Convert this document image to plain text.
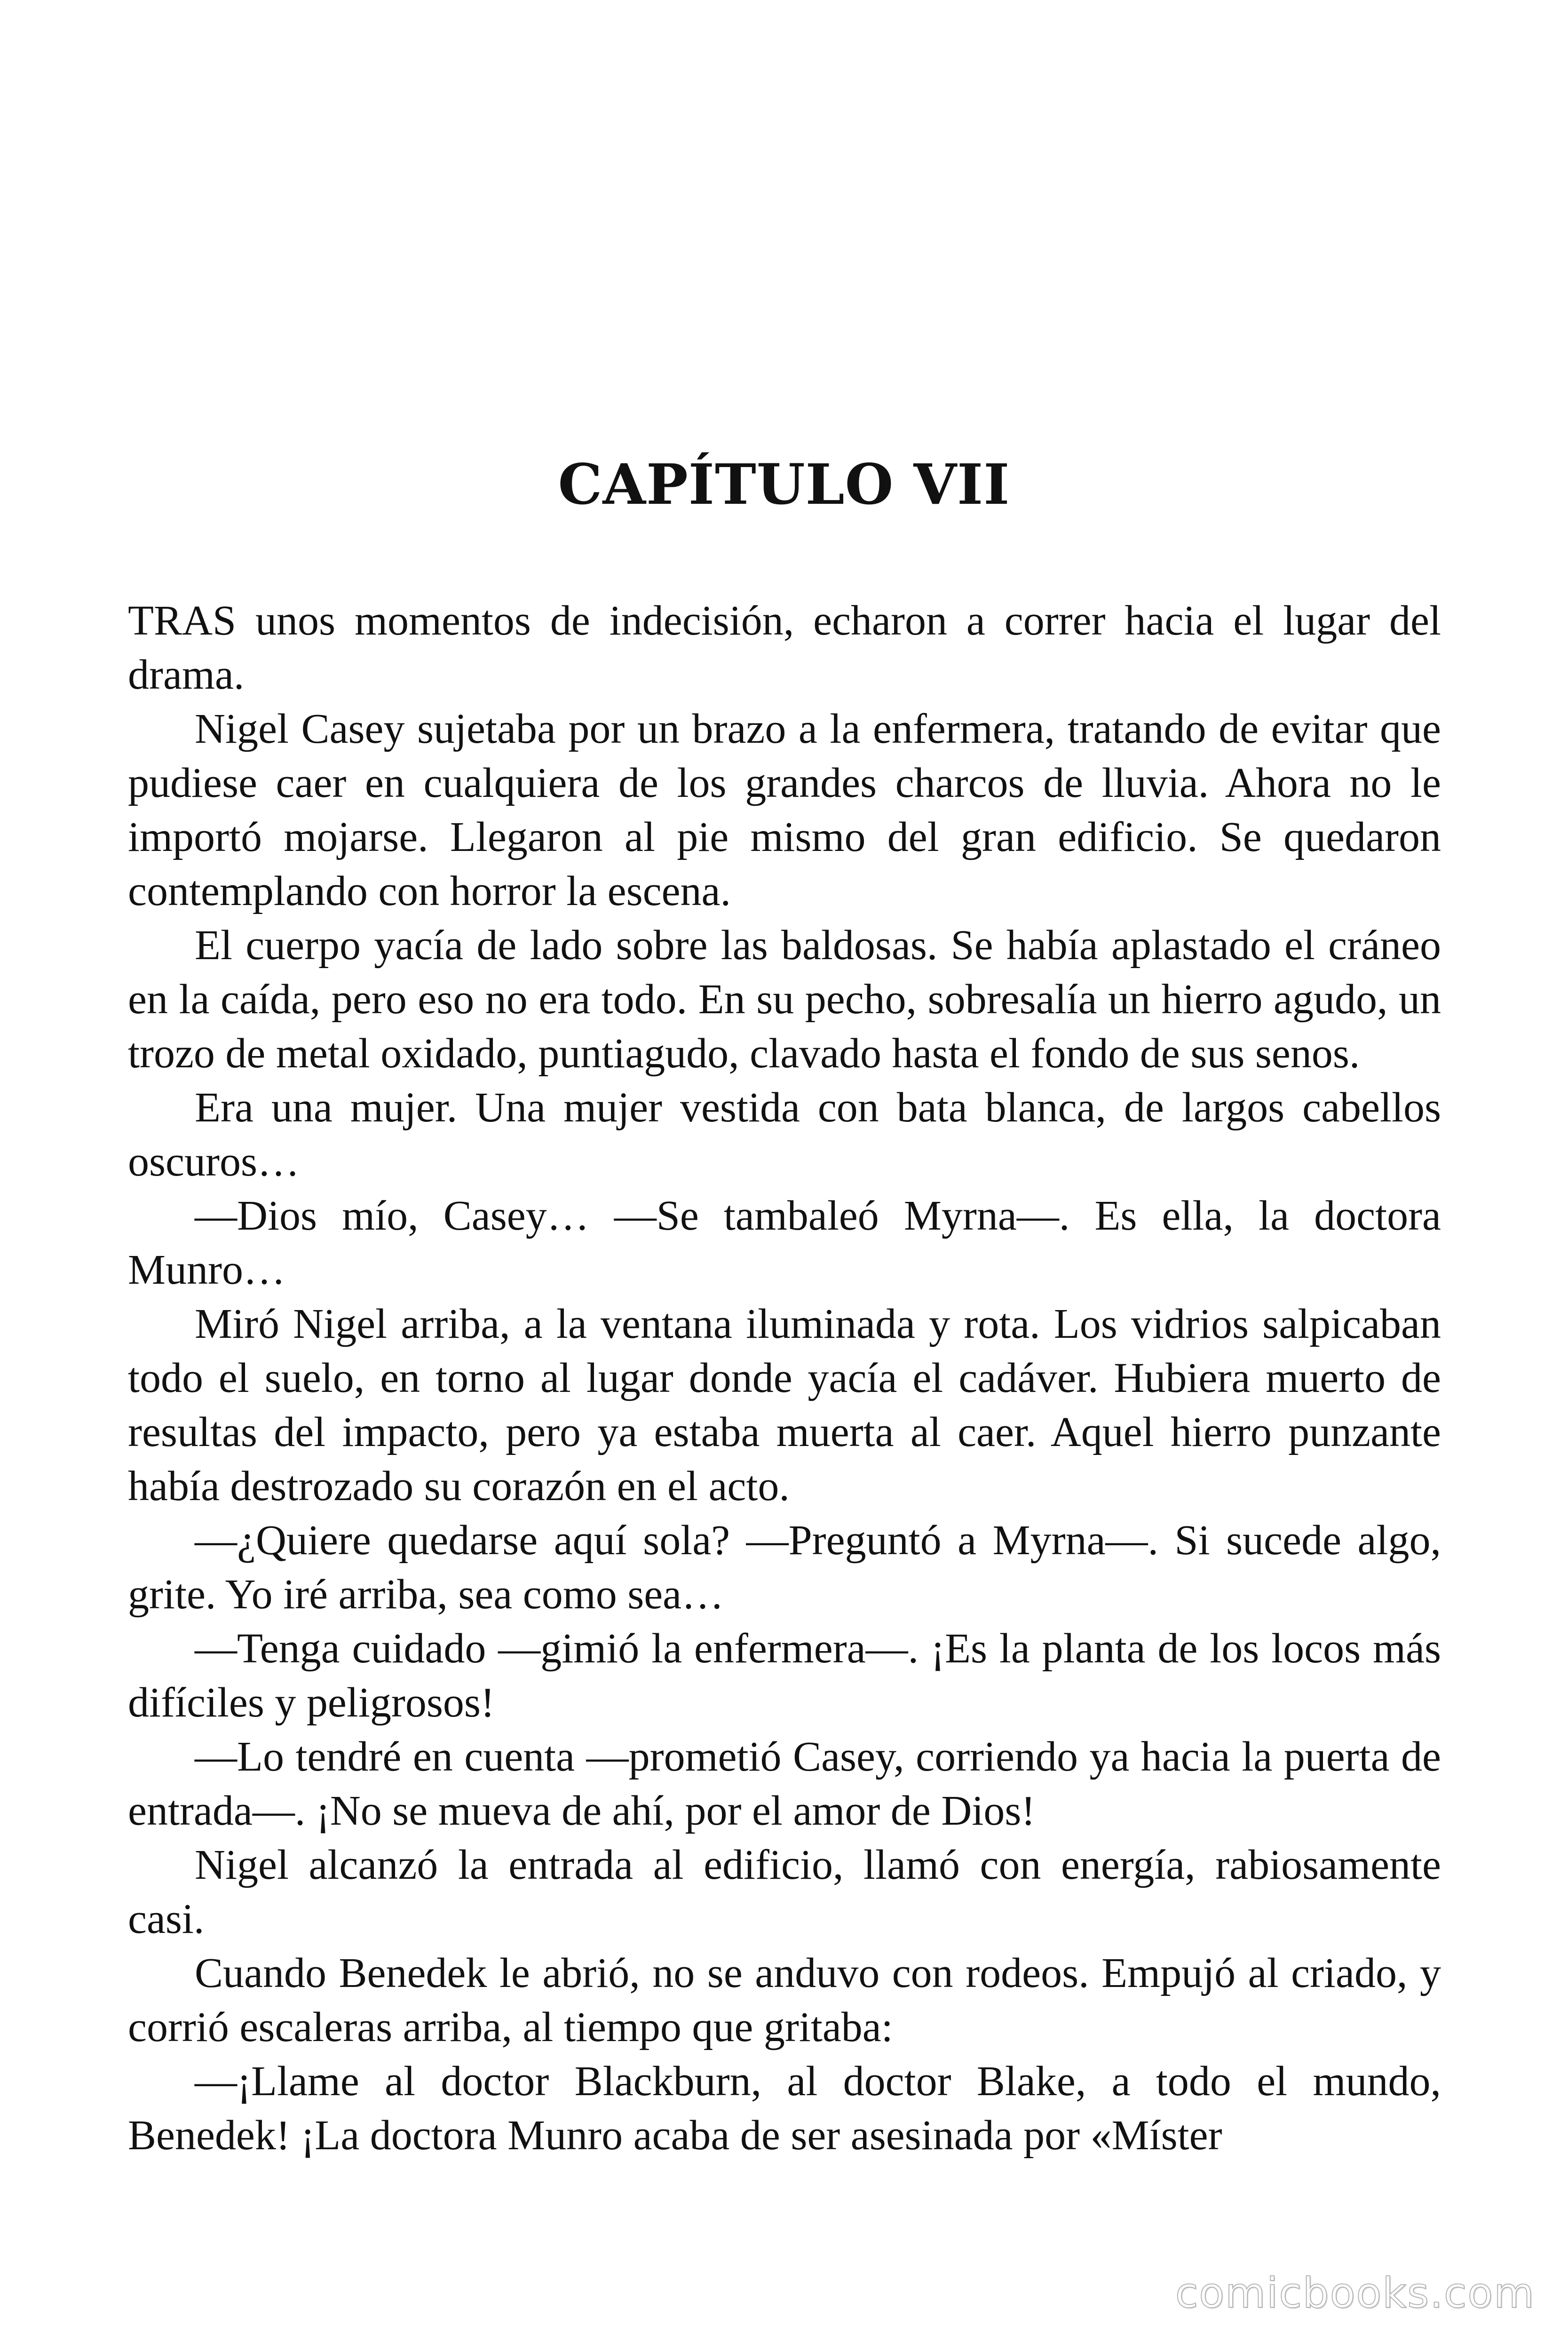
CAPÍTULO VII

TRAS unos momentos de indecisión, echaron a correr hacia el lugar del drama.

Nigel Casey sujetaba por un brazo a la enfermera, tratando de evitar que pudiese caer en cualquiera de los grandes charcos de lluvia. Ahora no le importó mojarse. Llegaron al pie mismo del gran edificio. Se quedaron contemplando con horror la escena.

El cuerpo yacía de lado sobre las baldosas. Se había aplastado el cráneo en la caída, pero eso no era todo. En su pecho, sobresalía un hierro agudo, un trozo de metal oxidado, puntiagudo, clavado hasta el fondo de sus senos.

Era una mujer. Una mujer vestida con bata blanca, de largos cabellos oscuros…

—Dios mío, Casey… —Se tambaleó Myrna—. Es ella, la doctora Munro…

Miró Nigel arriba, a la ventana iluminada y rota. Los vidrios salpicaban todo el suelo, en torno al lugar donde yacía el cadáver. Hubiera muerto de resultas del impacto, pero ya estaba muerta al caer. Aquel hierro punzante había destrozado su corazón en el acto.

—¿Quiere quedarse aquí sola? —Preguntó a Myrna—. Si sucede algo, grite. Yo iré arriba, sea como sea…

—Tenga cuidado —gimió la enfermera—. ¡Es la planta de los locos más difíciles y peligrosos!

—Lo tendré en cuenta —prometió Casey, corriendo ya hacia la puerta de entrada—. ¡No se mueva de ahí, por el amor de Dios!

Nigel alcanzó la entrada al edificio, llamó con energía, rabiosamente casi.

Cuando Benedek le abrió, no se anduvo con rodeos. Empujó al criado, y corrió escaleras arriba, al tiempo que gritaba:

—¡Llame al doctor Blackburn, al doctor Blake, a todo el mundo, Benedek! ¡La doctora Munro acaba de ser asesinada por «Míster

comicbooks.com
